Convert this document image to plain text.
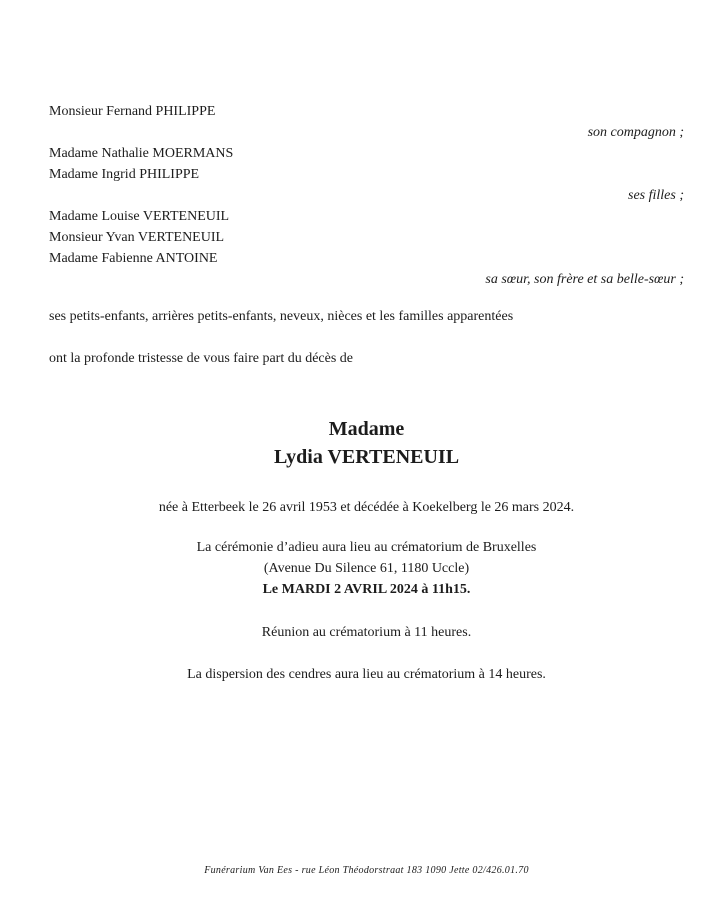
Monsieur Fernand PHILIPPE
son compagnon ;
Madame Nathalie MOERMANS
Madame Ingrid PHILIPPE
ses filles ;
Madame Louise VERTENEUIL
Monsieur Yvan VERTENEUIL
Madame Fabienne ANTOINE
sa sœur, son frère et sa belle-sœur ;
ses petits-enfants, arrières petits-enfants, neveux, nièces et les familles apparentées
ont la profonde tristesse de vous faire part du décès de
Madame
Lydia VERTENEUIL
née à Etterbeek le 26 avril 1953 et décédée à Koekelberg le 26 mars 2024.
La cérémonie d’adieu aura lieu au crématorium de Bruxelles
(Avenue Du Silence 61, 1180 Uccle)
Le MARDI 2 AVRIL 2024 à 11h15.
Réunion au crématorium à 11 heures.
La dispersion des cendres aura lieu au crématorium à 14 heures.
Funérarium Van Ees - rue Léon Théodorstraat 183 1090 Jette 02/426.01.70
